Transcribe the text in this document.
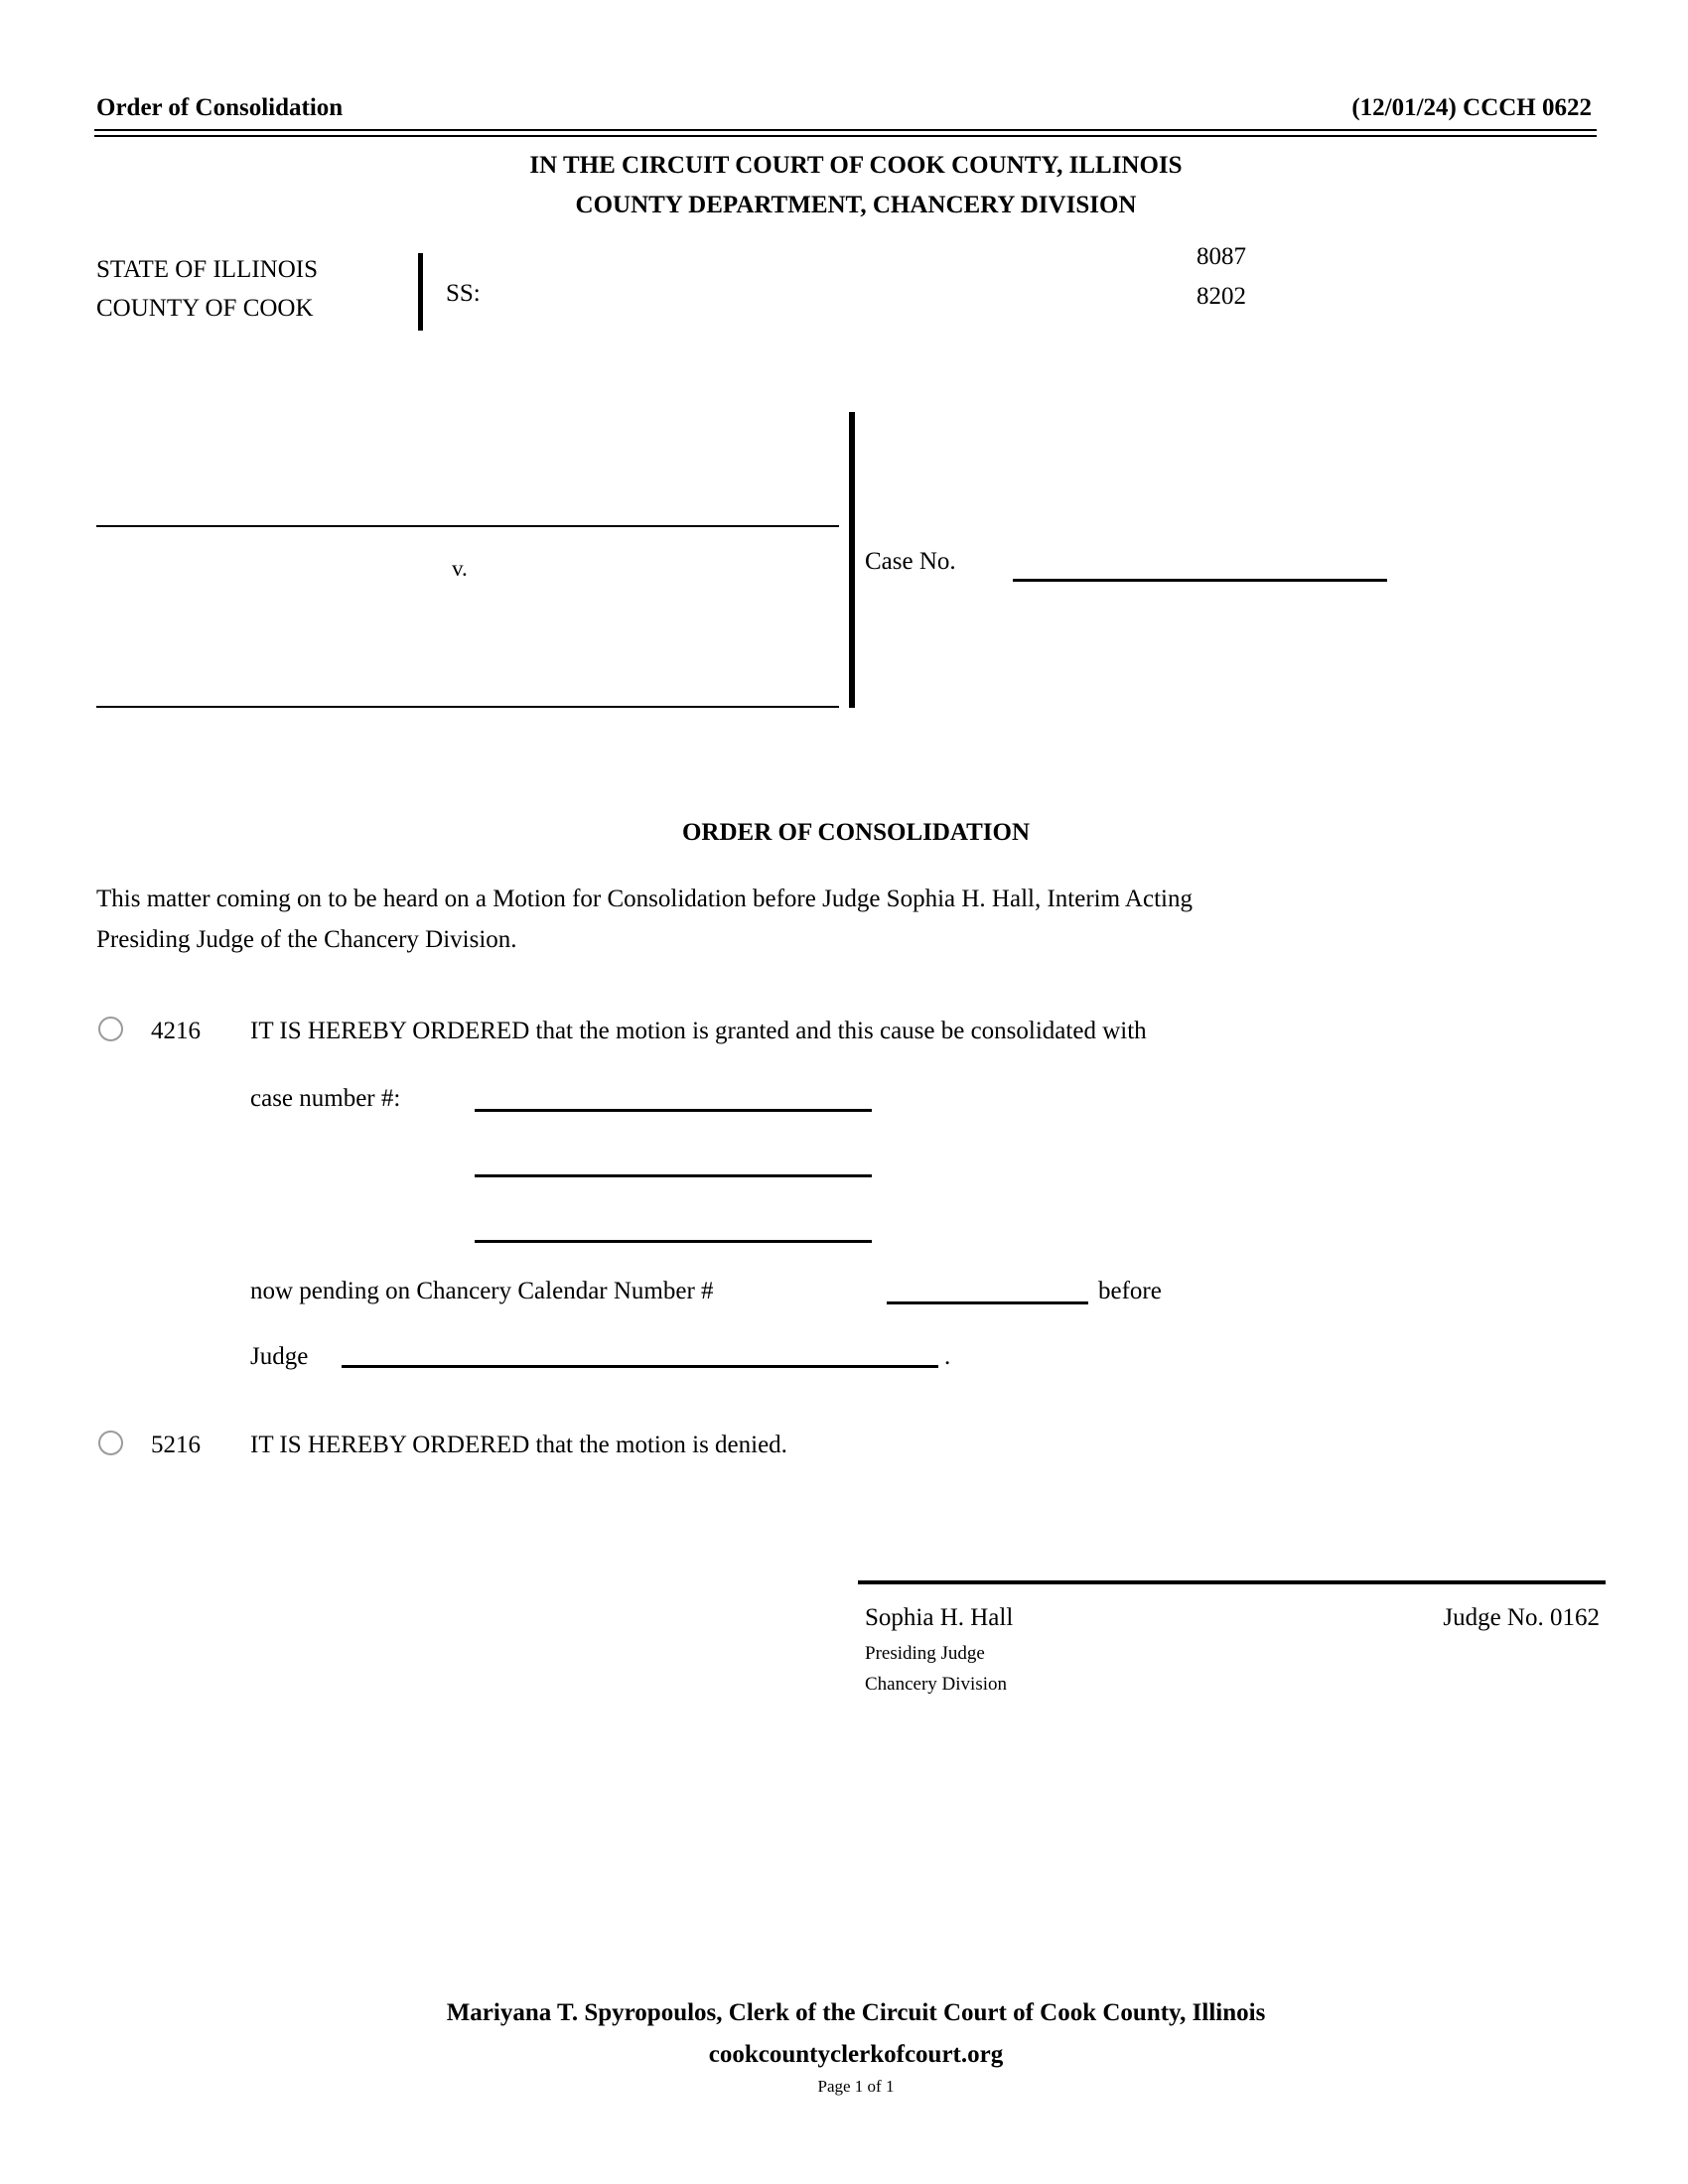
Order of Consolidation	(12/01/24) CCCH 0622
IN THE CIRCUIT COURT OF COOK COUNTY, ILLINOIS
COUNTY DEPARTMENT, CHANCERY DIVISION
STATE OF ILLINOIS
COUNTY OF COOK
SS:
8087
8202
v.	Case No.
ORDER OF CONSOLIDATION
This matter coming on to be heard on a Motion for Consolidation before Judge Sophia H. Hall, Interim Acting
Presiding Judge of the Chancery Division.
4216 IT IS HEREBY ORDERED that the motion is granted and this cause be consolidated with
case number #:
now pending on Chancery Calendar Number #	before
Judge	.
5216 IT IS HEREBY ORDERED that the motion is denied.
Sophia H. Hall	Judge No. 0162
Presiding Judge
Chancery Division
Mariyana T. Spyropoulos, Clerk of the Circuit Court of Cook County, Illinois
cookcountyclerkofcourt.org
Page 1 of 1
